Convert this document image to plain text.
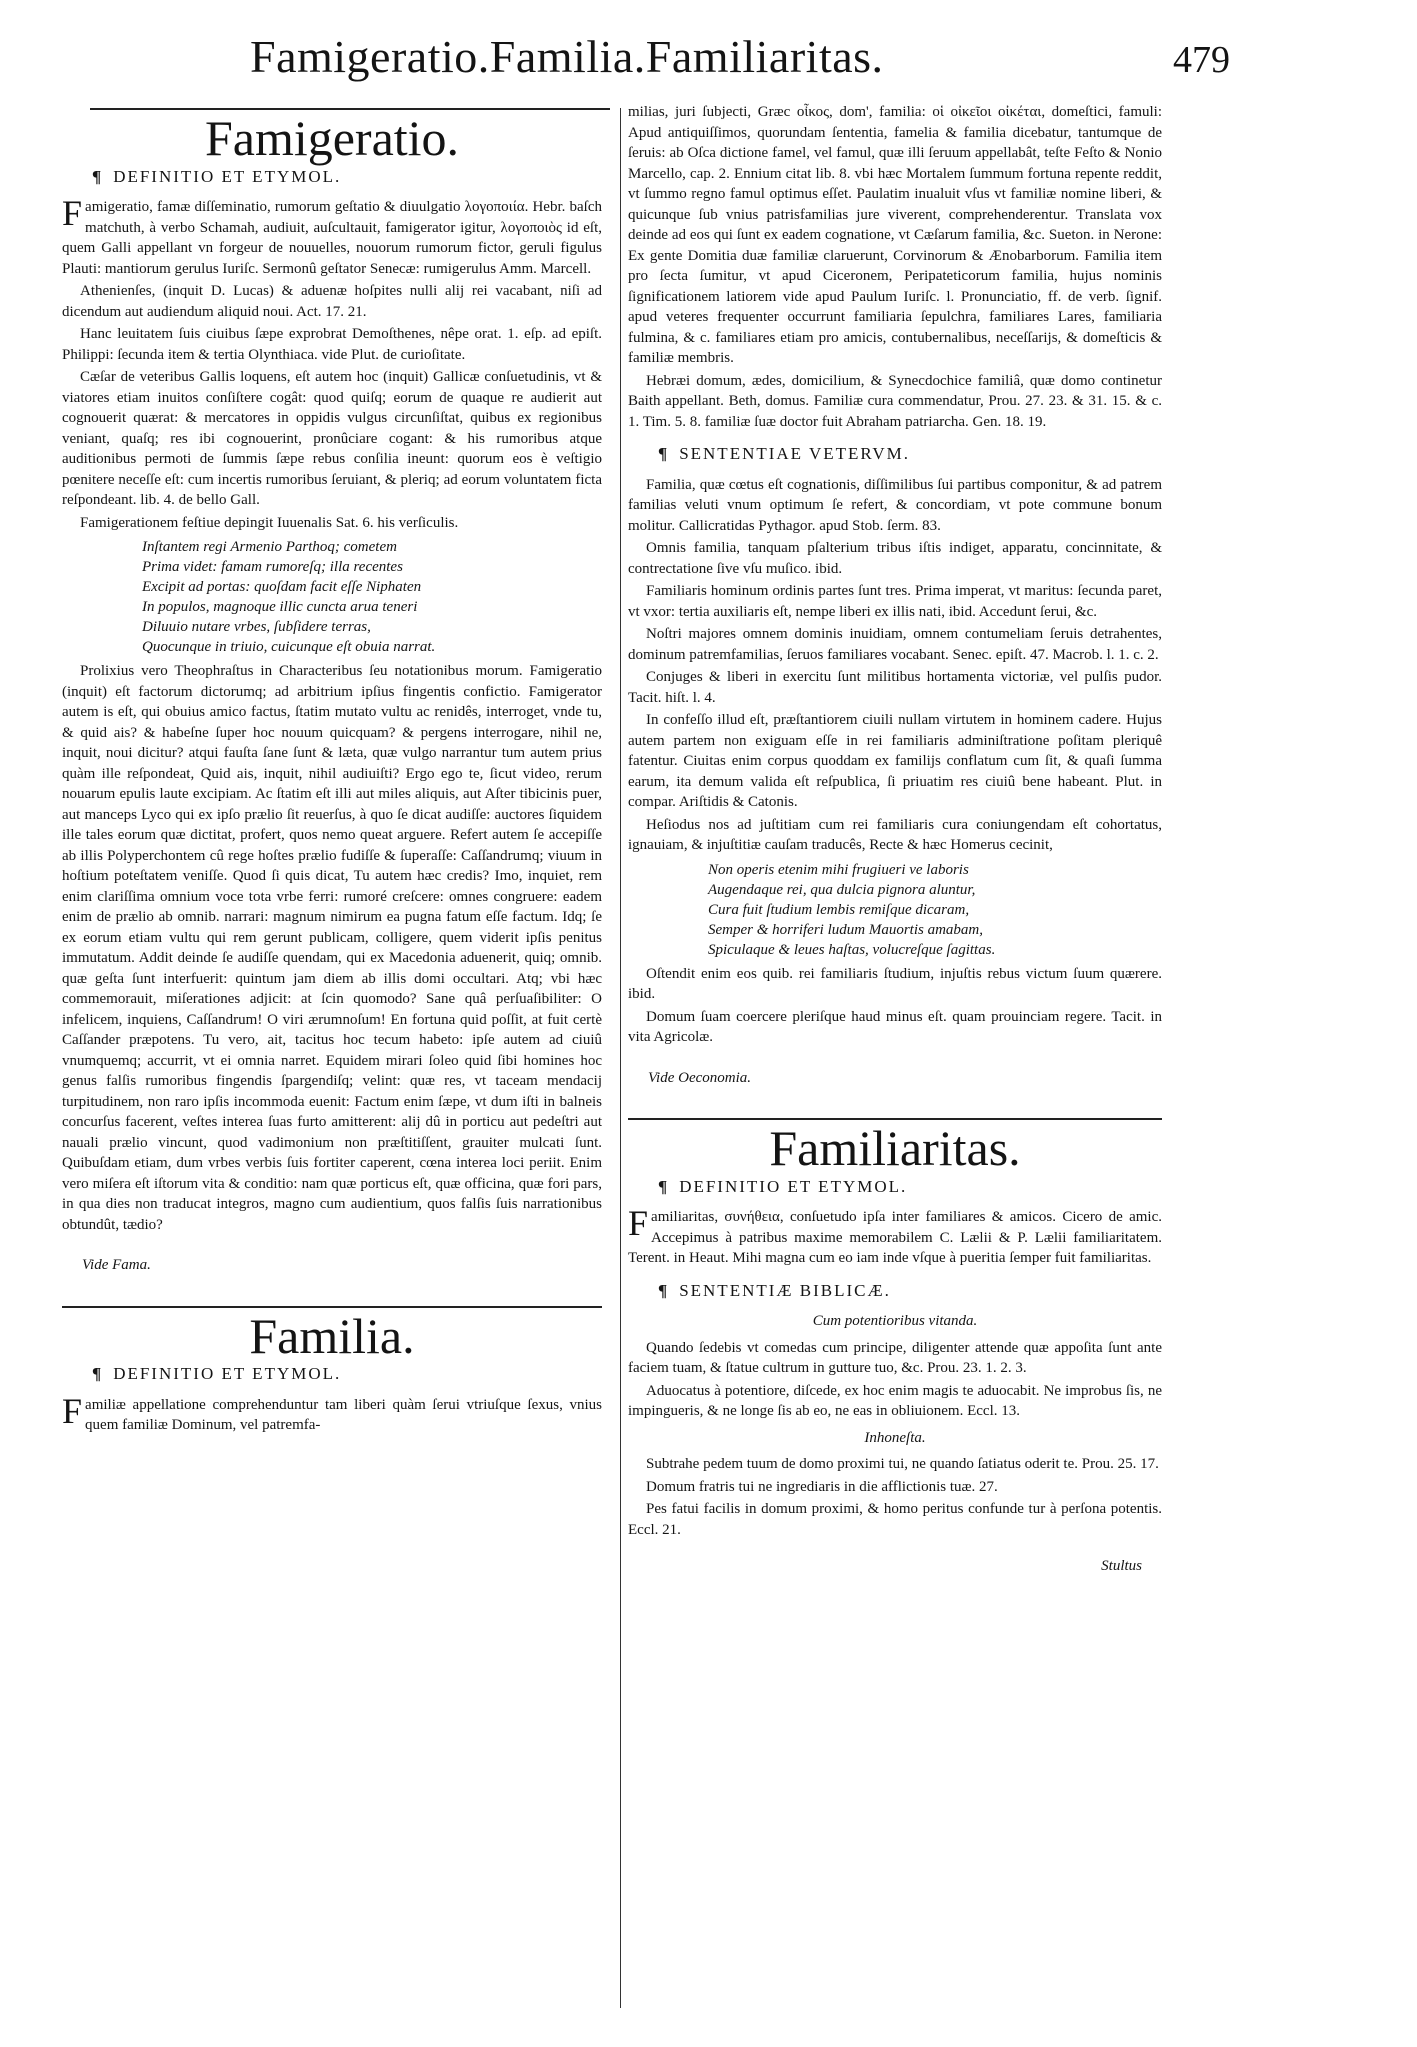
Famigeratio.Familia.Familiaritas.	479
Famigeratio.
¶ DEFINITIO ET ETYMOL.

Famigeratio, famæ diſſeminatio, rumorum geſtatio & diuulgatio λογοποιία. Hebr. baſch matchuth, à verbo Schamah, audiuit, auſcultauit, famigerator igitur, λογοποιὸς id eſt, quem Galli appellant vn forgeur de nouuelles, nouorum rumorum fictor, geruli figulus Plauti: mantiorum gerulus Iuriſc. Sermonû geſtator Senecæ: rumigerulus Amm. Marcell.

Athenienſes, (inquit D. Lucas) & aduenæ hoſpites nulli alij rei vacabant, niſi ad dicendum aut audiendum aliquid noui. Act. 17. 21.

Hanc leuitatem ſuis ciuibus ſæpe exprobrat Demoſthenes, nêpe orat. 1. eſp. ad epiſt. Philippi: ſecunda item & tertia Olynthiaca. vide Plut. de curioſitate.

Cæſar de veteribus Gallis loquens, eſt autem hoc (inquit) Gallicæ conſuetudinis, vt & viatores etiam inuitos conſiſtere cogât: quod quiſq; eorum de quaque re audierit aut cognouerit quærat: & mercatores in oppidis vulgus circunſiſtat, quibus ex regionibus veniant, quaſq; res ibi cognouerint, pronûciare cogant: & his rumoribus atque auditionibus permoti de ſummis ſæpe rebus conſilia ineunt: quorum eos è veſtigio pœnitere neceſſe eſt: cum incertis rumoribus ſeruiant, & pleriq; ad eorum voluntatem ficta reſpondeant. lib. 4. de bello Gall.

Famigerationem feſtiue depingit Iuuenalis Sat. 6. his verſiculis.

Inſtantem regi Armenio Parthoq; cometem
Prima videt: famam rumoreſq; illa recentes
Excipit ad portas: quoſdam facit eſſe Niphaten
In populos, magnoque illic cuncta arua teneri
Diluuio nutare vrbes, ſubſidere terras,
Quocunque in triuio, cuicunque eſt obuia narrat.

Prolixius vero Theophraſtus in Characteribus ſeu notationibus morum. Famigeratio (inquit) eſt factorum dictorumq; ad arbitrium ipſius fingentis confictio. Famigerator autem is eſt, qui obuius amico factus, ſtatim mutato vultu ac renidês, interroget, vnde tu, & quid ais? & habeſne ſuper hoc nouum quicquam? & pergens interrogare, nihil ne, inquit, noui dicitur? atqui fauſta ſane ſunt & læta, quæ vulgo narrantur tum autem prius quàm ille reſpondeat, Quid ais, inquit, nihil audiuiſti? Ergo ego te, ſicut video, rerum nouarum epulis laute excipiam. Ac ſtatim eſt illi aut miles aliquis, aut Aſter tibicinis puer, aut manceps Lyco qui ex ipſo prælio ſit reuerſus, à quo ſe dicat audiſſe: auctores ſiquidem ille tales eorum quæ dictitat, profert, quos nemo queat arguere. Refert autem ſe accepiſſe ab illis Polyperchontem cû rege hoſtes prælio fudiſſe & ſuperaſſe: Caſſandrumq; viuum in hoſtium poteſtatem veniſſe. Quod ſi quis dicat, Tu autem hæc credis? Imo, inquiet, rem enim clariſſima omnium voce tota vrbe ferri: rumoré creſcere: omnes congruere: eadem enim de prælio ab omnib. narrari: magnum nimirum ea pugna fatum eſſe factum. Idq; ſe ex eorum etiam vultu qui rem gerunt publicam, colligere, quem viderit ipſis penitus immutatum. Addit deinde ſe audiſſe quendam, qui ex Macedonia aduenerit, quiq; omnib. quæ geſta ſunt interfuerit: quintum jam diem ab illis domi occultari. Atq; vbi hæc commemorauit, miſerationes adjicit: at ſcin quomodo? Sane quâ perſuaſibiliter: O infelicem, inquiens, Caſſandrum! O viri ærumnoſum! En fortuna quid poſſit, at fuit certè Caſſander præpotens. Tu vero, ait, tacitus hoc tecum habeto: ipſe autem ad ciuiû vnumquemq; accurrit, vt ei omnia narret. Equidem mirari ſoleo quid ſibi homines hoc genus falſis rumoribus fingendis ſpargendiſq; velint: quæ res, vt taceam mendacij turpitudinem, non raro ipſis incommoda euenit: Factum enim ſæpe, vt dum iſti in balneis concurſus facerent, veſtes interea ſuas furto amitterent: alij dû in porticu aut pedeſtri aut nauali prælio vincunt, quod vadimonium non præſtitiſſent, grauiter mulcati ſunt. Quibuſdam etiam, dum vrbes verbis ſuis fortiter caperent, cœna interea loci periit. Enim vero miſera eſt iſtorum vita & conditio: nam quæ porticus eſt, quæ officina, quæ fori pars, in qua dies non traducat integros, magno cum audientium, quos falſis ſuis narrationibus obtundût, tædio?

Vide Fama.
Familia.
¶ DEFINITIO ET ETYMOL.

Familiæ appellatione comprehenduntur tam liberi quàm ſerui vtriuſque ſexus, vnius quem familiæ Dominum, vel patremfa-

milias, juri ſubjecti, Græc οἶκος, dom', familia: οἱ οἰκεῖοι οἰκέται, domeſtici, famuli: Apud antiquiſſimos, quorundam ſententia, famelia & familia dicebatur, tantumque de ſeruis: ab Oſca dictione famel, vel famul, quæ illi ſeruum appellabât, teſte Feſto & Nonio Marcello, cap. 2. Ennium citat lib. 8. vbi hæc Mortalem ſummum fortuna repente reddit, vt ſummo regno famul optimus eſſet. Paulatim inualuit vſus vt familiæ nomine liberi, & quicunque ſub vnius patrisfamilias jure viverent, comprehenderentur. Translata vox deinde ad eos qui ſunt ex eadem cognatione, vt Cæſarum familia, &c. Sueton. in Nerone: Ex gente Domitia duæ familiæ claruerunt, Corvinorum & Ænobarborum. Familia item pro ſecta ſumitur, vt apud Ciceronem, Peripateticorum familia, hujus nominis ſignificationem latiorem vide apud Paulum Iuriſc. l. Pronunciatio, ff. de verb. ſignif. apud veteres frequenter occurrunt familiaria ſepulchra, familiares Lares, familiaria fulmina, & c. familiares etiam pro amicis, contubernalibus, neceſſarijs, & domeſticis & familiæ membris.

Hebræi domum, ædes, domicilium, & Synecdochice familiâ, quæ domo continetur Baith appellant. Beth, domus. Familiæ cura commendatur, Prou. 27. 23. & 31. 15. & c. 1. Tim. 5. 8. familiæ ſuæ doctor fuit Abraham patriarcha. Gen. 18. 19.

¶ SENTENTIAE VETERVM.

Familia, quæ cœtus eſt cognationis, diſſimilibus ſui partibus componitur, & ad patrem familias veluti vnum optimum ſe refert, & concordiam, vt pote commune bonum molitur. Callicratidas Pythagor. apud Stob. ſerm. 83.

Omnis familia, tanquam pſalterium tribus iſtis indiget, apparatu, concinnitate, & contrectatione ſive vſu muſico. ibid.

Familiaris hominum ordinis partes ſunt tres. Prima imperat, vt maritus: ſecunda paret, vt vxor: tertia auxiliaris eſt, nempe liberi ex illis nati, ibid. Accedunt ſerui, &c.

Noſtri majores omnem dominis inuidiam, omnem contumeliam ſeruis detrahentes, dominum patremfamilias, ſeruos familiares vocabant. Senec. epiſt. 47. Macrob. l. 1. c. 2.

Conjuges & liberi in exercitu ſunt militibus hortamenta victoriæ, vel pulſis pudor. Tacit. hiſt. l. 4.

In confeſſo illud eſt, præſtantiorem ciuili nullam virtutem in hominem cadere. Hujus autem partem non exiguam eſſe in rei familiaris adminiſtratione poſitam pleriquê fatentur. Ciuitas enim corpus quoddam ex familijs conflatum cum ſit, & quaſi ſumma earum, ita demum valida eſt reſpublica, ſi priuatim res ciuiû bene habeant. Plut. in compar. Ariſtidis & Catonis.

Heſiodus nos ad juſtitiam cum rei familiaris cura coniungendam eſt cohortatus, ignauiam, & injuſtitiæ cauſam traducês, Recte & hæc Homerus cecinit,

Non operis etenim mihi frugiueri ve laboris
Augendaque rei, qua dulcia pignora aluntur,
Cura fuit ſtudium lembis remiſque dicaram,
Semper & horriferi ludum Mauortis amabam,
Spiculaque & leues haſtas, volucreſque ſagittas.

Oſtendit enim eos quib. rei familiaris ſtudium, injuſtis rebus victum ſuum quærere. ibid.

Domum ſuam coercere pleriſque haud minus eſt. quam prouinciam regere. Tacit. in vita Agricolæ.

Vide Oeconomia.
Familiaritas.
¶ DEFINITIO ET ETYMOL.

Familiaritas, συνήθεια, conſuetudo ipſa inter familiares & amicos. Cicero de amic. Accepimus à patribus maxime memorabilem C. Lælii & P. Lælii familiaritatem. Terent. in Heaut. Mihi magna cum eo iam inde vſque à pueritia ſemper fuit familiaritas.

¶ SENTENTIÆ BIBLICÆ.
Cum potentioribus vitanda.

Quando ſedebis vt comedas cum principe, diligenter attende quæ appoſita ſunt ante faciem tuam, & ſtatue cultrum in gutture tuo, &c. Prou. 23. 1. 2. 3.

Aduocatus à potentiore, diſcede, ex hoc enim magis te aduocabit. Ne improbus ſis, ne impingueris, & ne longe ſis ab eo, ne eas in obliuionem. Eccl. 13.

Inhoneſta.

Subtrahe pedem tuum de domo proximi tui, ne quando ſatiatus oderit te. Prou. 25. 17.

Domum fratris tui ne ingrediaris in die afflictionis tuæ. 27.

Pes fatui facilis in domum proximi, & homo peritus confunde tur à perſona potentis. Eccl. 21.

Stultus
